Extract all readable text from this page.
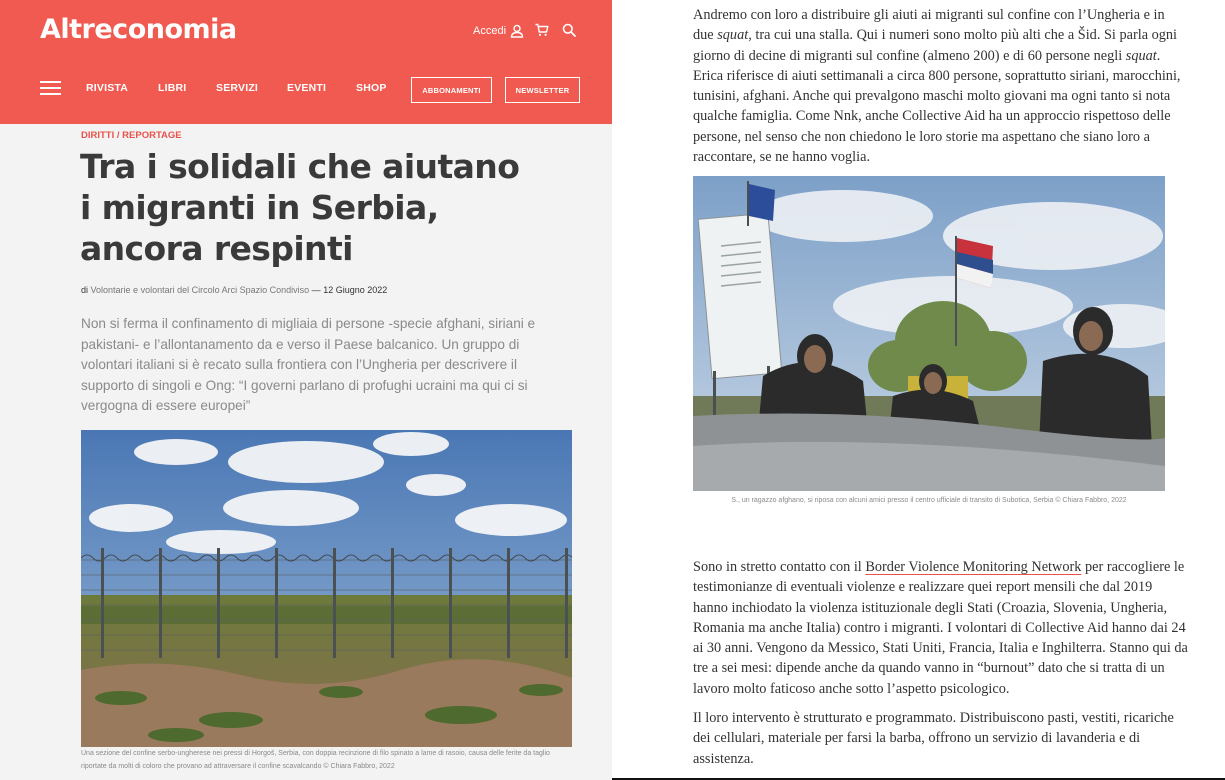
Altreconomia	Accedi
RIVISTA	LIBRI	SERVIZI	EVENTI	SHOP	ABBONAMENTI	NEWSLETTER
DIRITTI / REPORTAGE
Tra i solidali che aiutano i migranti in Serbia, ancora respinti
di Volontarie e volontari del Circolo Arci Spazio Condiviso — 12 Giugno 2022

Non si ferma il confinamento di migliaia di persone -specie afghani, siriani e pakistani- e l’allontanamento da e verso il Paese balcanico. Un gruppo di volontari italiani si è recato sulla frontiera con l’Ungheria per descrivere il supporto di singoli e Ong: “I governi parlano di profughi ucraini ma qui ci si vergogna di essere europei”

Una sezione del confine serbo-ungherese nei pressi di Horgoš, Serbia, con doppia recinzione di filo spinato a lame di rasoio, causa delle ferite da taglio riportate da molti di coloro che provano ad attraversare il confine scavalcando © Chiara Fabbro, 2022

Andremo con loro a distribuire gli aiuti ai migranti sul confine con l’Ungheria e in due squat, tra cui una stalla. Qui i numeri sono molto più alti che a Šid. Si parla ogni giorno di decine di migranti sul confine (almeno 200) e di 60 persone negli squat. Erica riferisce di aiuti settimanali a circa 800 persone, soprattutto siriani, marocchini, tunisini, afghani. Anche qui prevalgono maschi molto giovani ma ogni tanto si nota qualche famiglia. Come Nnk, anche Collective Aid ha un approccio rispettoso delle persone, nel senso che non chiedono le loro storie ma aspettano che siano loro a raccontare, se ne hanno voglia.

S., un ragazzo afghano, si riposa con alcuni amici presso il centro ufficiale di transito di Subotica, Serbia © Chiara Fabbro, 2022

Sono in stretto contatto con il Border Violence Monitoring Network per raccogliere le testimonianze di eventuali violenze e realizzare quei report mensili che dal 2019 hanno inchiodato la violenza istituzionale degli Stati (Croazia, Slovenia, Ungheria, Romania ma anche Italia) contro i migranti. I volontari di Collective Aid hanno dai 24 ai 30 anni. Vengono da Messico, Stati Uniti, Francia, Italia e Inghilterra. Stanno qui da tre a sei mesi: dipende anche da quando vanno in “burnout” dato che si tratta di un lavoro molto faticoso anche sotto l’aspetto psicologico.

Il loro intervento è strutturato e programmato. Distribuiscono pasti, vestiti, ricariche dei cellulari, materiale per farsi la barba, offrono un servizio di lavanderia e di assistenza.
